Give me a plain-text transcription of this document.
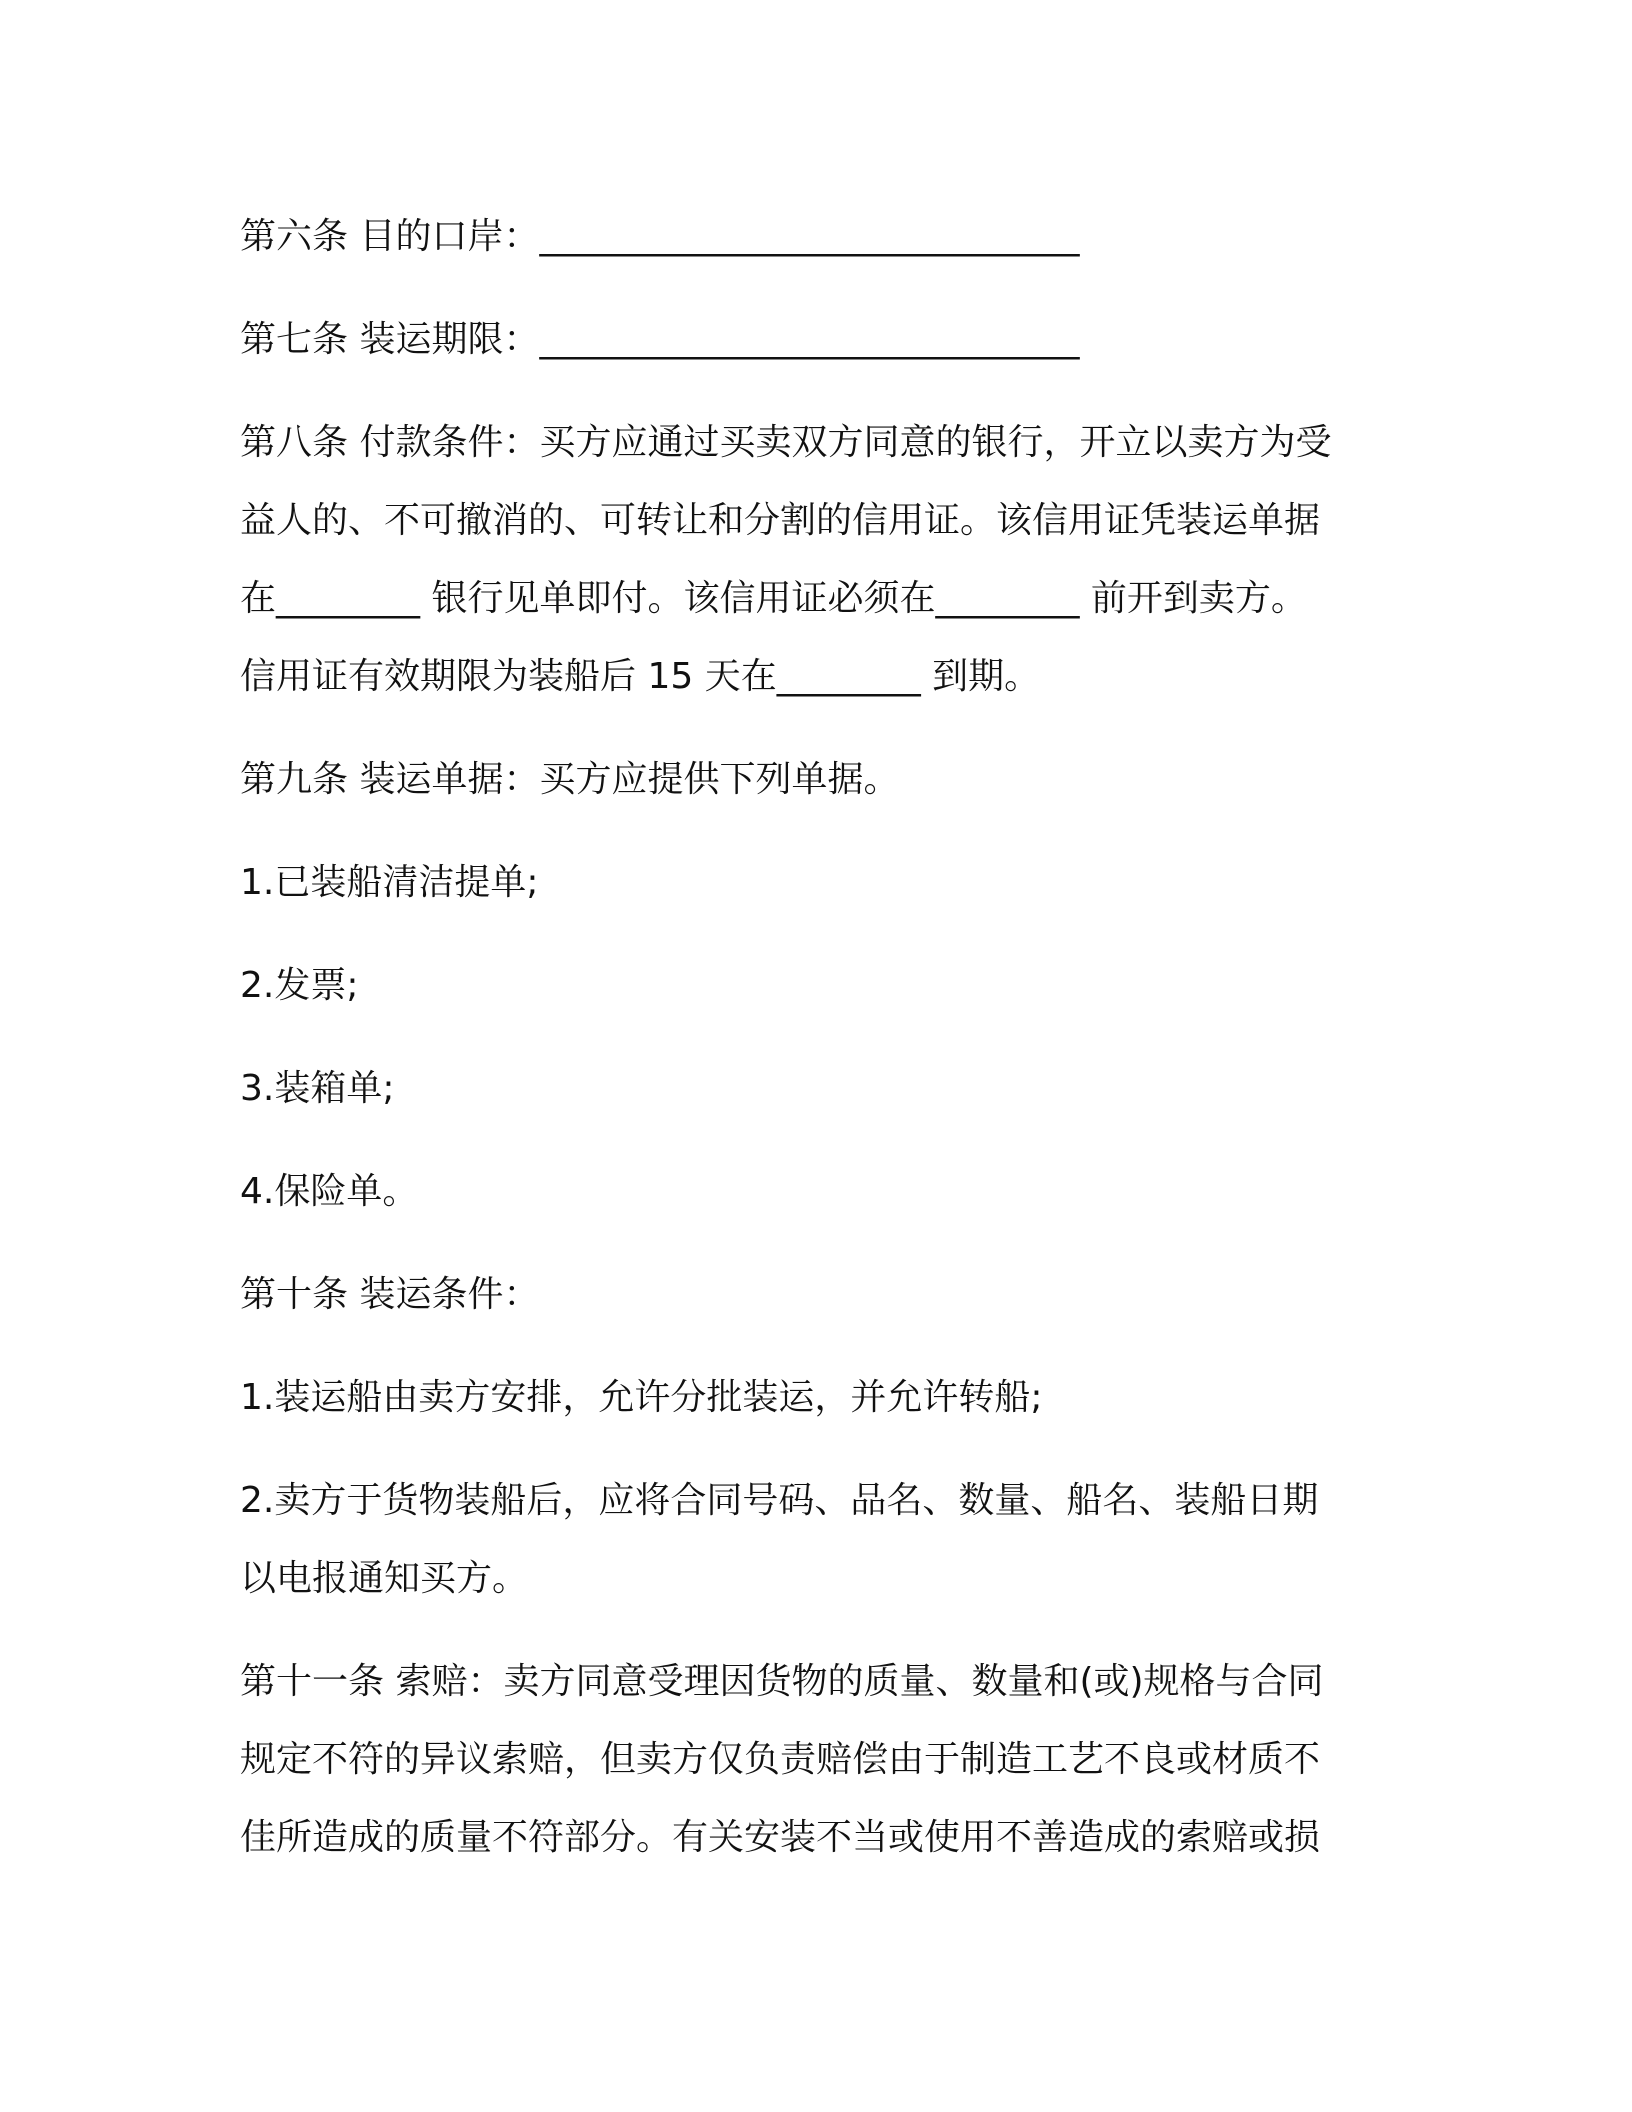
第六条 目的口岸：______________________________
第七条 装运期限：______________________________
第八条 付款条件：买方应通过买卖双方同意的银行，开立以卖方为受
益人的、不可撤消的、可转让和分割的信用证。该信用证凭装运单据
在________ 银行见单即付。该信用证必须在________ 前开到卖方。
信用证有效期限为装船后 15 天在________ 到期。
第九条 装运单据：买方应提供下列单据。
1.已装船清洁提单;
2.发票;
3.装箱单;
4.保险单。
第十条 装运条件：
1.装运船由卖方安排，允许分批装运，并允许转船;
2.卖方于货物装船后，应将合同号码、品名、数量、船名、装船日期
以电报通知买方。
第十一条 索赔：卖方同意受理因货物的质量、数量和(或)规格与合同
规定不符的异议索赔，但卖方仅负责赔偿由于制造工艺不良或材质不
佳所造成的质量不符部分。有关安装不当或使用不善造成的索赔或损
